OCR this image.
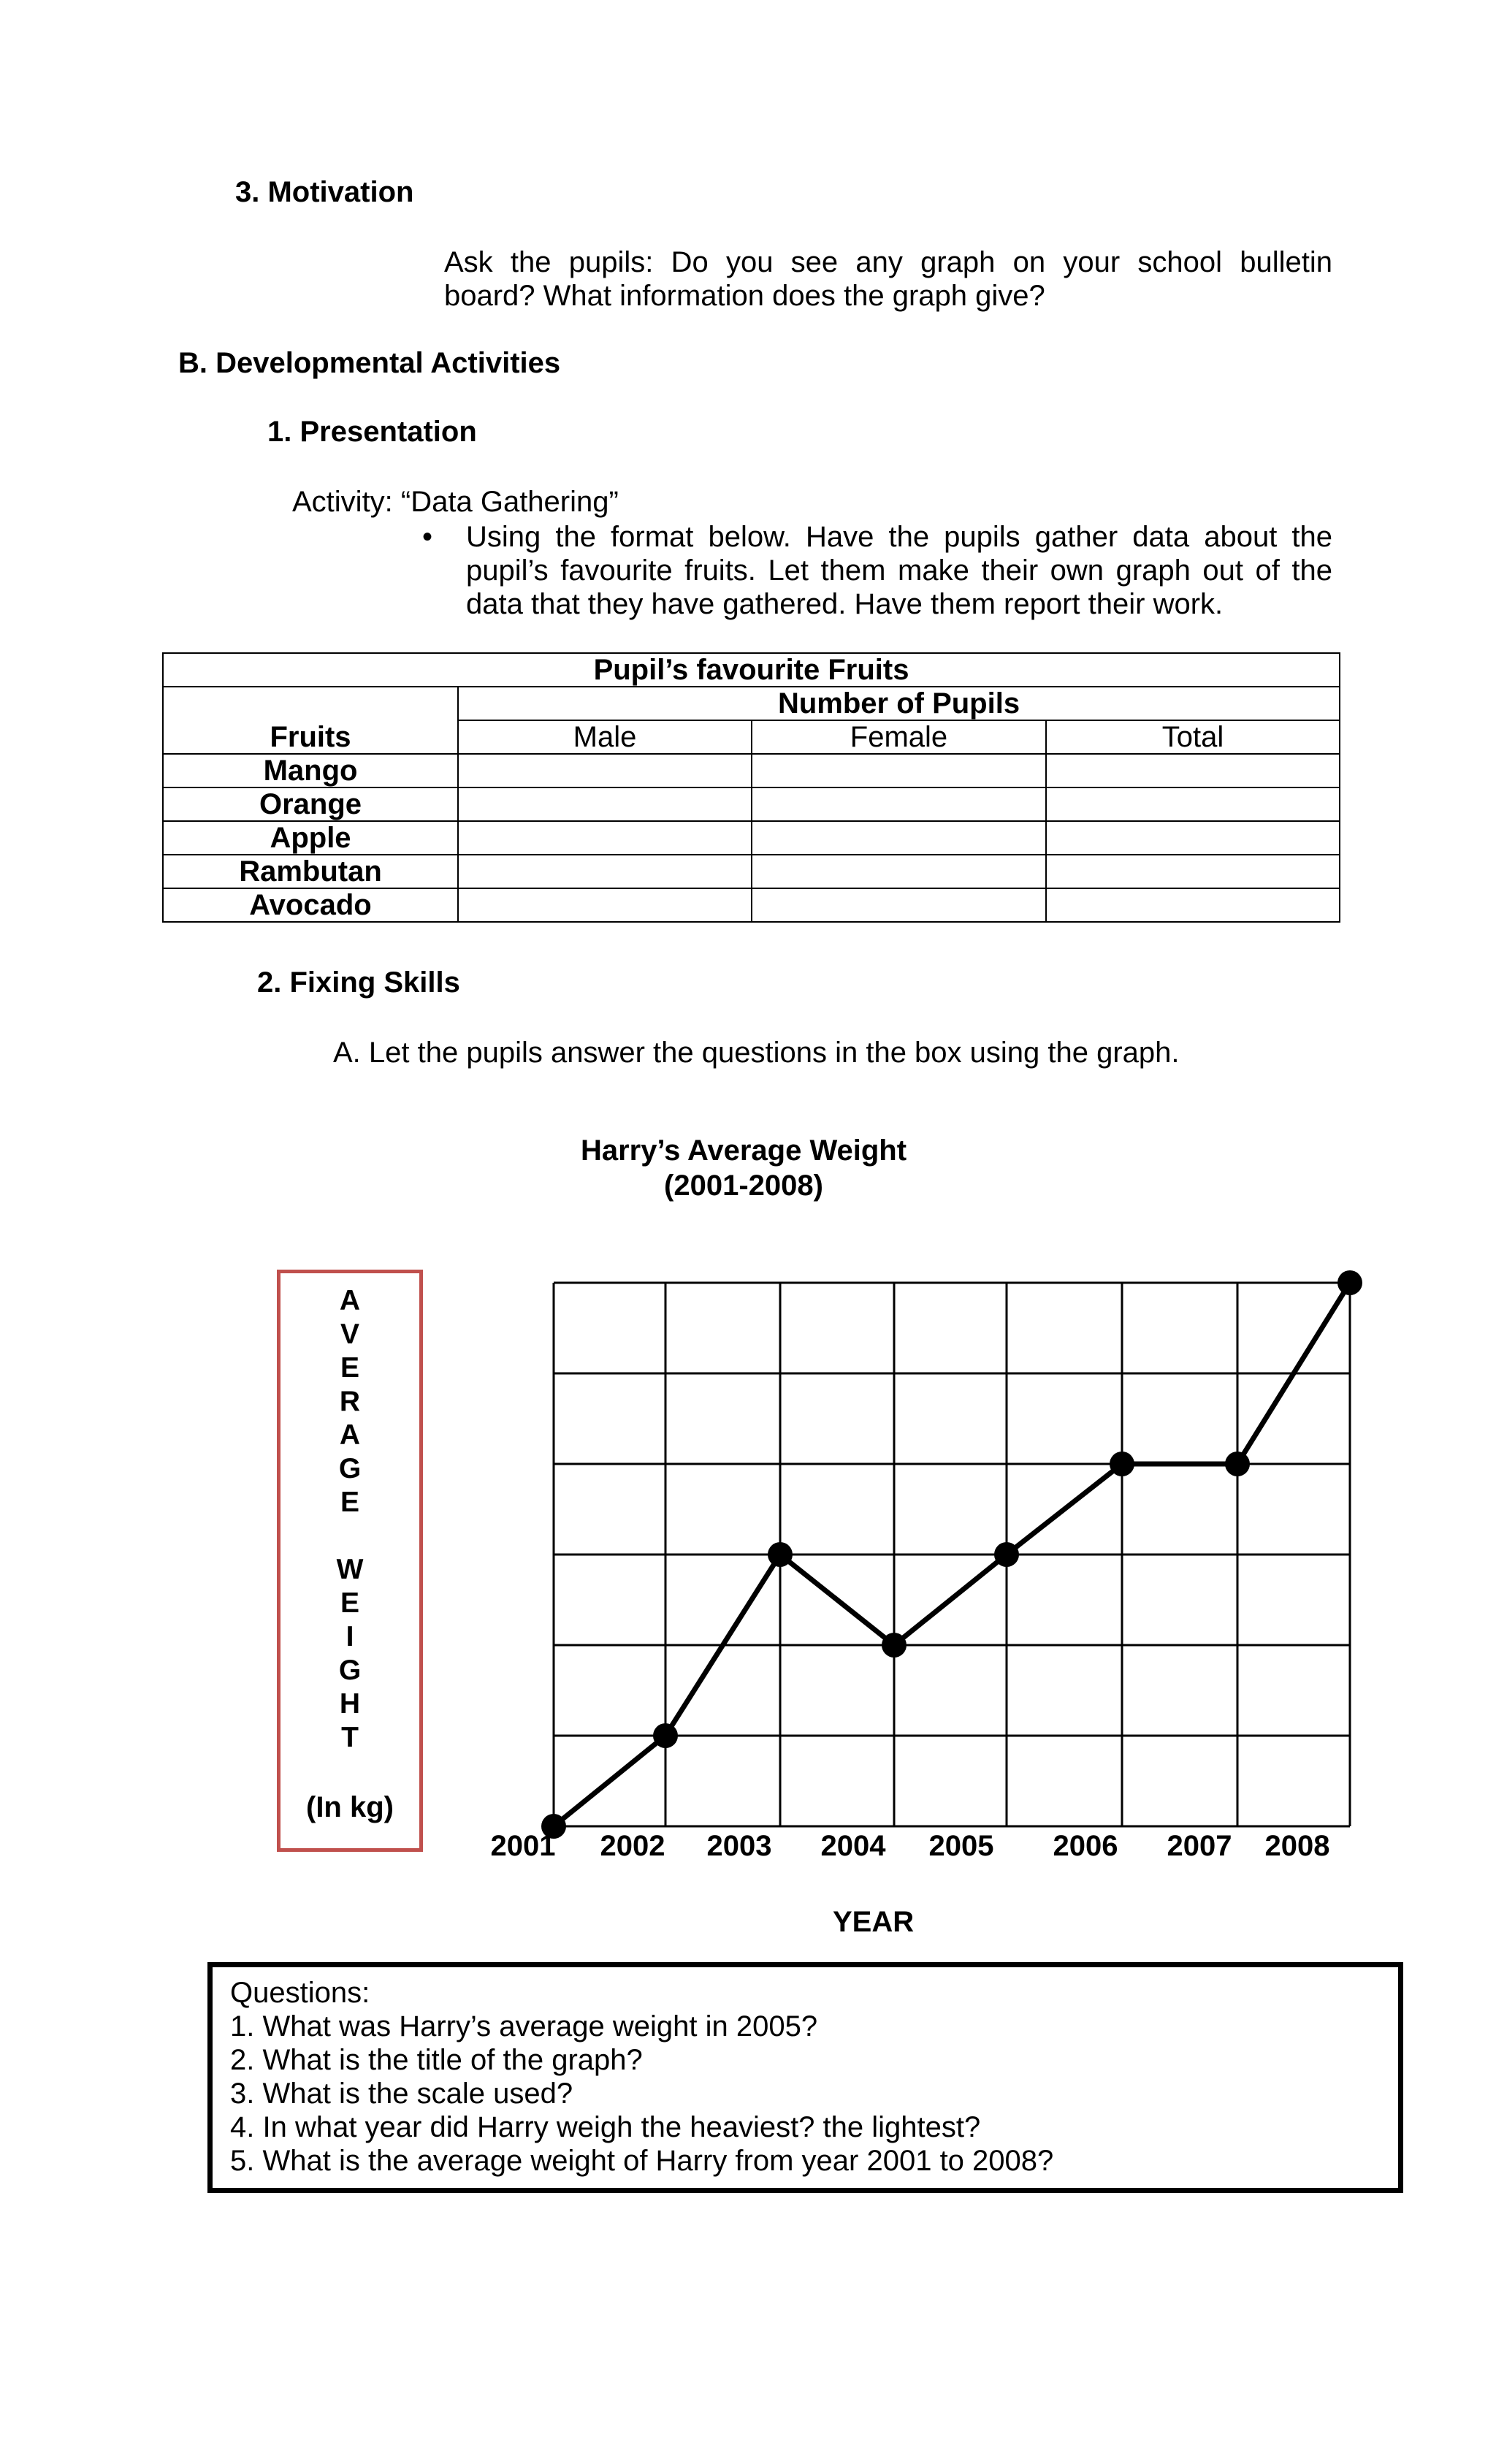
3. Motivation
Ask the pupils: Do you see any graph on your school bulletin
board? What information does the graph give?
B. Developmental Activities
1. Presentation
Activity: “Data Gathering”
• Using the format below. Have the pupils gather data about the
pupil’s favourite fruits. Let them make their own graph out of the
data that they have gathered. Have them report their work.
Pupil’s favourite Fruits			
Fruits	Number of Pupils		
	Male	Female	Total
Mango			
Orange			
Apple			
Rambutan			
Avocado			
2. Fixing Skills
A. Let the pupils answer the questions in the box using the graph.
Harry’s Average Weight
(2001-2008)
A
V
E
R
A
G
E

W
E
I
G
H
T
(In kg)
2001 2002 2003 2004 2005 2006 2007 2008
YEAR
Questions:
1. What was Harry’s average weight in 2005?
2. What is the title of the graph?
3. What is the scale used?
4. In what year did Harry weigh the heaviest? the lightest?
5. What is the average weight of Harry from year 2001 to 2008?
